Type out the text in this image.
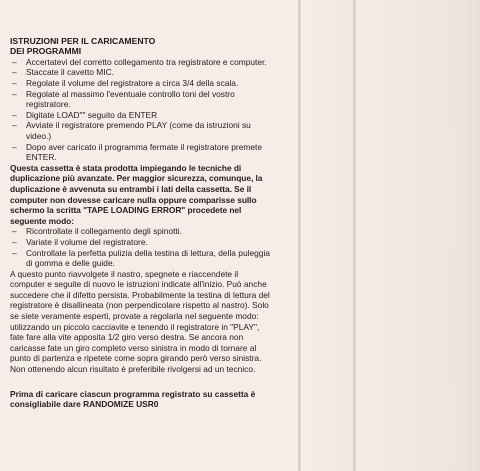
ISTRUZIONI PER IL CARICAMENTO
DEI PROGRAMMI

– Accertatevi del corretto collegamento tra registratore e computer.
– Staccate il cavetto MIC.
– Regolate il volume del registratore a circa 3/4 della scala.
– Regolate al massimo l'eventuale controllo toni del vostro registratore.
– Digitate LOAD"" seguito da ENTER
– Avviate il registratore premendo PLAY (come da istruzioni su video.)
– Dopo aver caricato il programma fermate il registratore premete ENTER.

Questa cassetta è stata prodotta impiegando le tecniche di duplicazione più avanzate. Per maggior sicurezza, comunque, la duplicazione è avvenuta su entrambi i lati della cassetta. Se il computer non dovesse caricare nulla oppure comparisse sullo schermo la scritta "TAPE LOADING ERROR" procedete nel seguente modo:

– Ricontrollate il collegamento degli spinotti.
– Variate il volume del registratore.
– Controllate la perfetta pulizia della testina di lettura, della puleggia di gomma e delle guide.

A questo punto riavvolgete il nastro, spegnete e riaccendete il computer e seguite di nuovo le istruzioni indicate all'inizio. Può anche succedere che il difetto persista. Probabilmente la testina di lettura del registratore è disallineata (non perpendicolare rispetto al nastro). Solo se siete veramente esperti, provate a regolarla nel seguente modo: utilizzando un piccolo cacciavite e tenendo il registratore in "PLAY", fate fare alla vite apposita 1/2 giro verso destra. Se ancora non caricasse fate un giro completo verso sinistra in modo di tornare al punto di partenza e ripetete come sopra girando però verso sinistra. Non ottenendo alcun risultato è preferibile rivolgersi ad un tecnico.

Prima di caricare ciascun programma registrato su cassetta è consigliabile dare RANDOMIZE USR0
